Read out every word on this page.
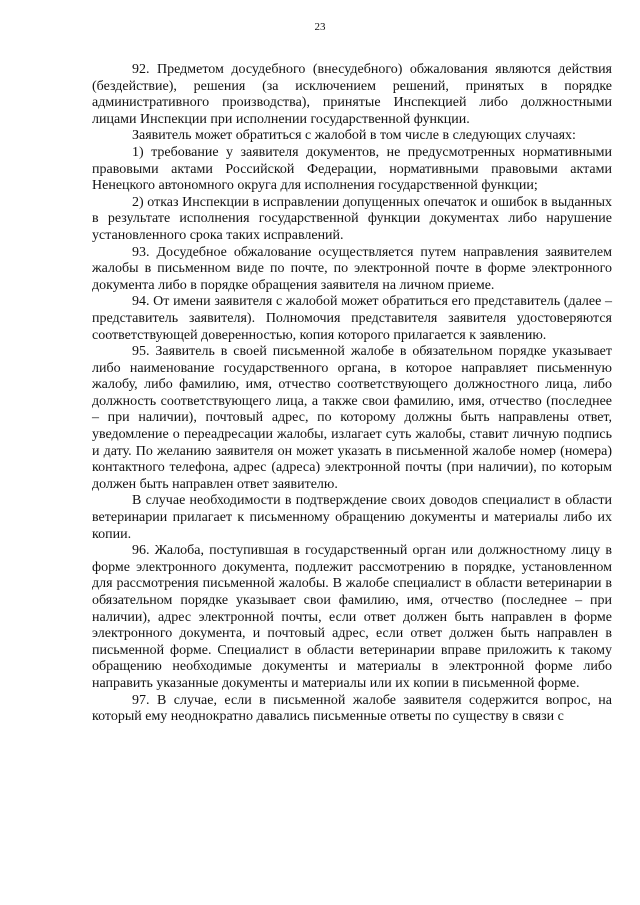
23

92. Предметом досудебного (внесудебного) обжалования являются действия (бездействие), решения (за исключением решений, принятых в порядке административного производства), принятые Инспекцией либо должностными лицами Инспекции при исполнении государственной функции.

Заявитель может обратиться с жалобой в том числе в следующих случаях:

1) требование у заявителя документов, не предусмотренных нормативными правовыми актами Российской Федерации, нормативными правовыми актами Ненецкого автономного округа для исполнения государственной функции;

2) отказ Инспекции в исправлении допущенных опечаток и ошибок в выданных в результате исполнения государственной функции документах либо нарушение установленного срока таких исправлений.

93. Досудебное обжалование осуществляется путем направления заявителем жалобы в письменном виде по почте, по электронной почте в форме электронного документа либо в порядке обращения заявителя на личном приеме.

94. От имени заявителя с жалобой может обратиться его представитель (далее – представитель заявителя). Полномочия представителя заявителя удостоверяются соответствующей доверенностью, копия которого прилагается к заявлению.

95. Заявитель в своей письменной жалобе в обязательном порядке указывает либо наименование государственного органа, в которое направляет письменную жалобу, либо фамилию, имя, отчество соответствующего должностного лица, либо должность соответствующего лица, а также свои фамилию, имя, отчество (последнее – при наличии), почтовый адрес, по которому должны быть направлены ответ, уведомление о переадресации жалобы, излагает суть жалобы, ставит личную подпись и дату. По желанию заявителя он может указать в письменной жалобе номер (номера) контактного телефона, адрес (адреса) электронной почты (при наличии), по которым должен быть направлен ответ заявителю.

В случае необходимости в подтверждение своих доводов специалист в области ветеринарии прилагает к письменному обращению документы и материалы либо их копии.

96. Жалоба, поступившая в государственный орган или должностному лицу в форме электронного документа, подлежит рассмотрению в порядке, установленном для рассмотрения письменной жалобы. В жалобе специалист в области ветеринарии в обязательном порядке указывает свои фамилию, имя, отчество (последнее – при наличии), адрес электронной почты, если ответ должен быть направлен в форме электронного документа, и почтовый адрес, если ответ должен быть направлен в письменной форме. Специалист в области ветеринарии вправе приложить к такому обращению необходимые документы и материалы в электронной форме либо направить указанные документы и материалы или их копии в письменной форме.

97. В случае, если в письменной жалобе заявителя содержится вопрос, на который ему неоднократно давались письменные ответы по существу в связи с
